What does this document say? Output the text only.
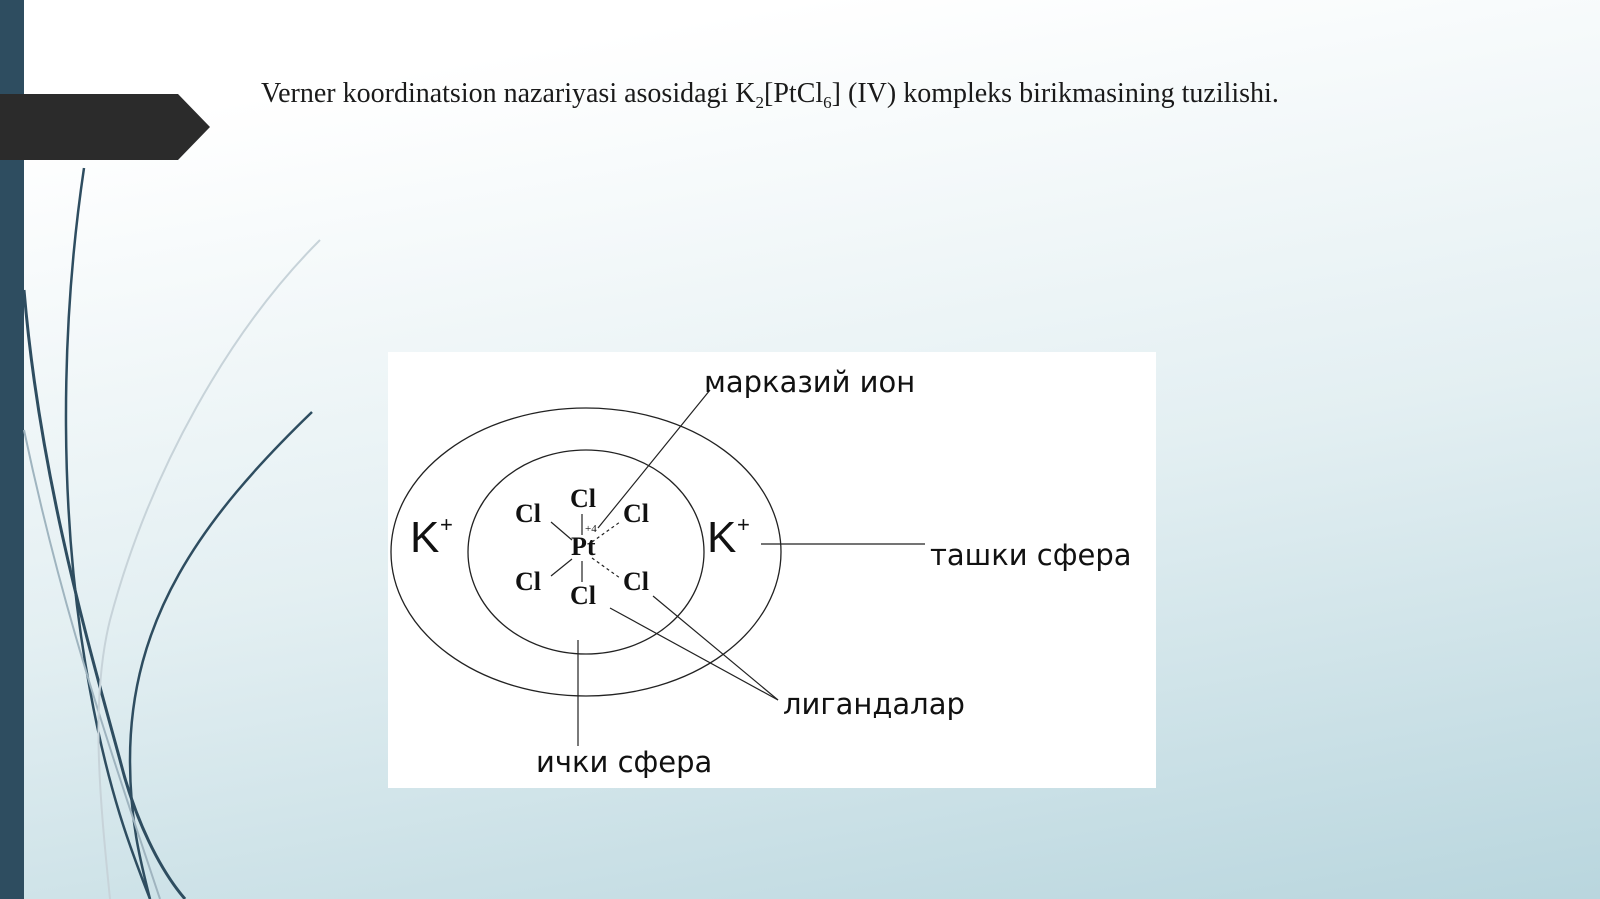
Verner koordinatsion nazariyasi asosidagi $K_2[PtCl_6]$ (IV) kompleks birikmasining tuzilishi.
Cl
Cl	Cl
Cl	Cl
Cl
Pt
+4
K +	K +
марказий ион
ташки сфера
лигандалар
ички сфера
